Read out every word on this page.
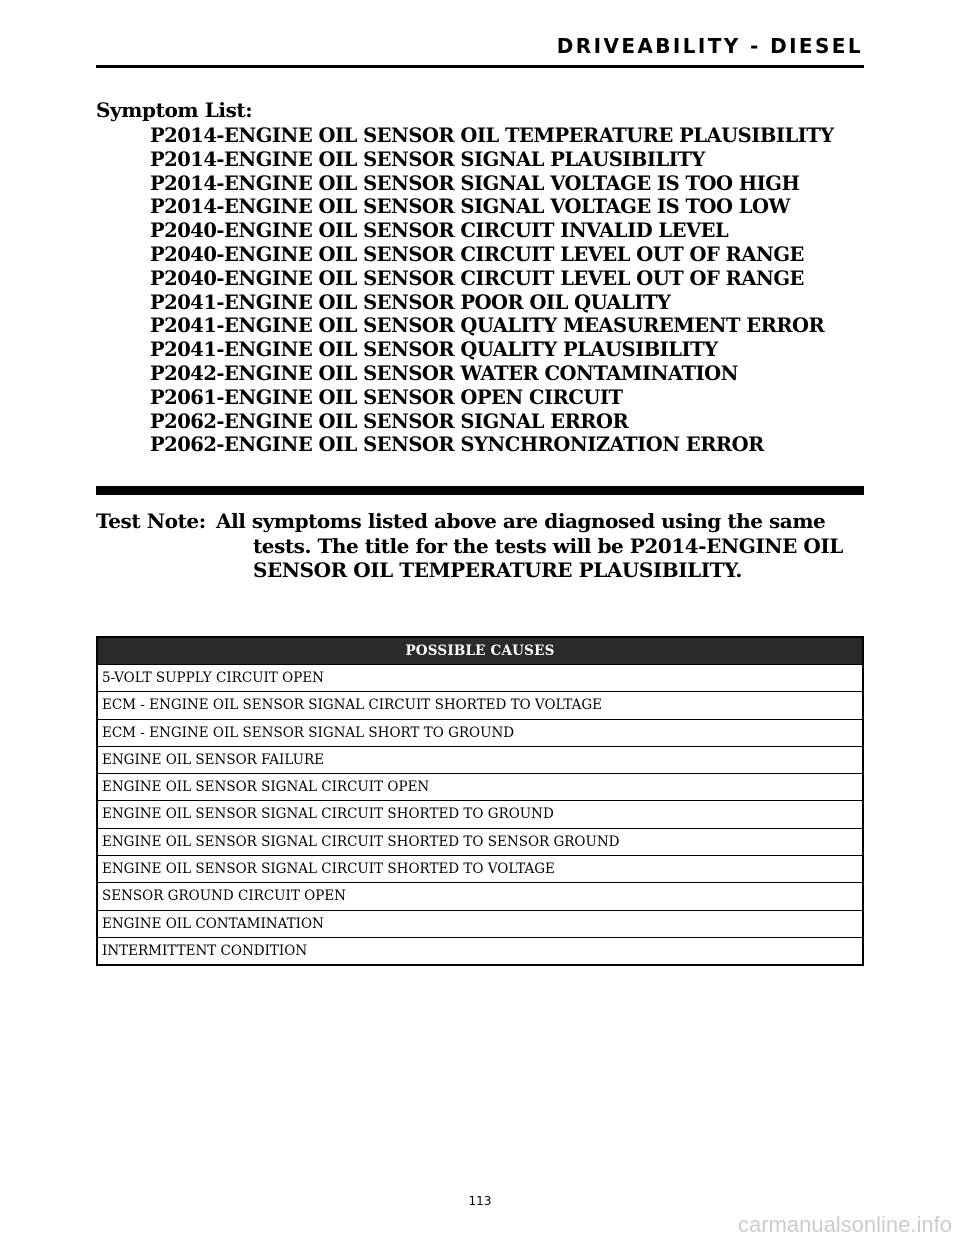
DRIVEABILITY - DIESEL
Symptom List:
P2014-ENGINE OIL SENSOR OIL TEMPERATURE PLAUSIBILITY
P2014-ENGINE OIL SENSOR SIGNAL PLAUSIBILITY
P2014-ENGINE OIL SENSOR SIGNAL VOLTAGE IS TOO HIGH
P2014-ENGINE OIL SENSOR SIGNAL VOLTAGE IS TOO LOW
P2040-ENGINE OIL SENSOR CIRCUIT INVALID LEVEL
P2040-ENGINE OIL SENSOR CIRCUIT LEVEL OUT OF RANGE
P2040-ENGINE OIL SENSOR CIRCUIT LEVEL OUT OF RANGE
P2041-ENGINE OIL SENSOR POOR OIL QUALITY
P2041-ENGINE OIL SENSOR QUALITY MEASUREMENT ERROR
P2041-ENGINE OIL SENSOR QUALITY PLAUSIBILITY
P2042-ENGINE OIL SENSOR WATER CONTAMINATION
P2061-ENGINE OIL SENSOR OPEN CIRCUIT
P2062-ENGINE OIL SENSOR SIGNAL ERROR
P2062-ENGINE OIL SENSOR SYNCHRONIZATION ERROR
Test Note: All symptoms listed above are diagnosed using the same tests. The title for the tests will be P2014-ENGINE OIL SENSOR OIL TEMPERATURE PLAUSIBILITY.
POSSIBLE CAUSES
5-VOLT SUPPLY CIRCUIT OPEN
ECM - ENGINE OIL SENSOR SIGNAL CIRCUIT SHORTED TO VOLTAGE
ECM - ENGINE OIL SENSOR SIGNAL SHORT TO GROUND
ENGINE OIL SENSOR FAILURE
ENGINE OIL SENSOR SIGNAL CIRCUIT OPEN
ENGINE OIL SENSOR SIGNAL CIRCUIT SHORTED TO GROUND
ENGINE OIL SENSOR SIGNAL CIRCUIT SHORTED TO SENSOR GROUND
ENGINE OIL SENSOR SIGNAL CIRCUIT SHORTED TO VOLTAGE
SENSOR GROUND CIRCUIT OPEN
ENGINE OIL CONTAMINATION
INTERMITTENT CONDITION
113
carmanualsonline.info
